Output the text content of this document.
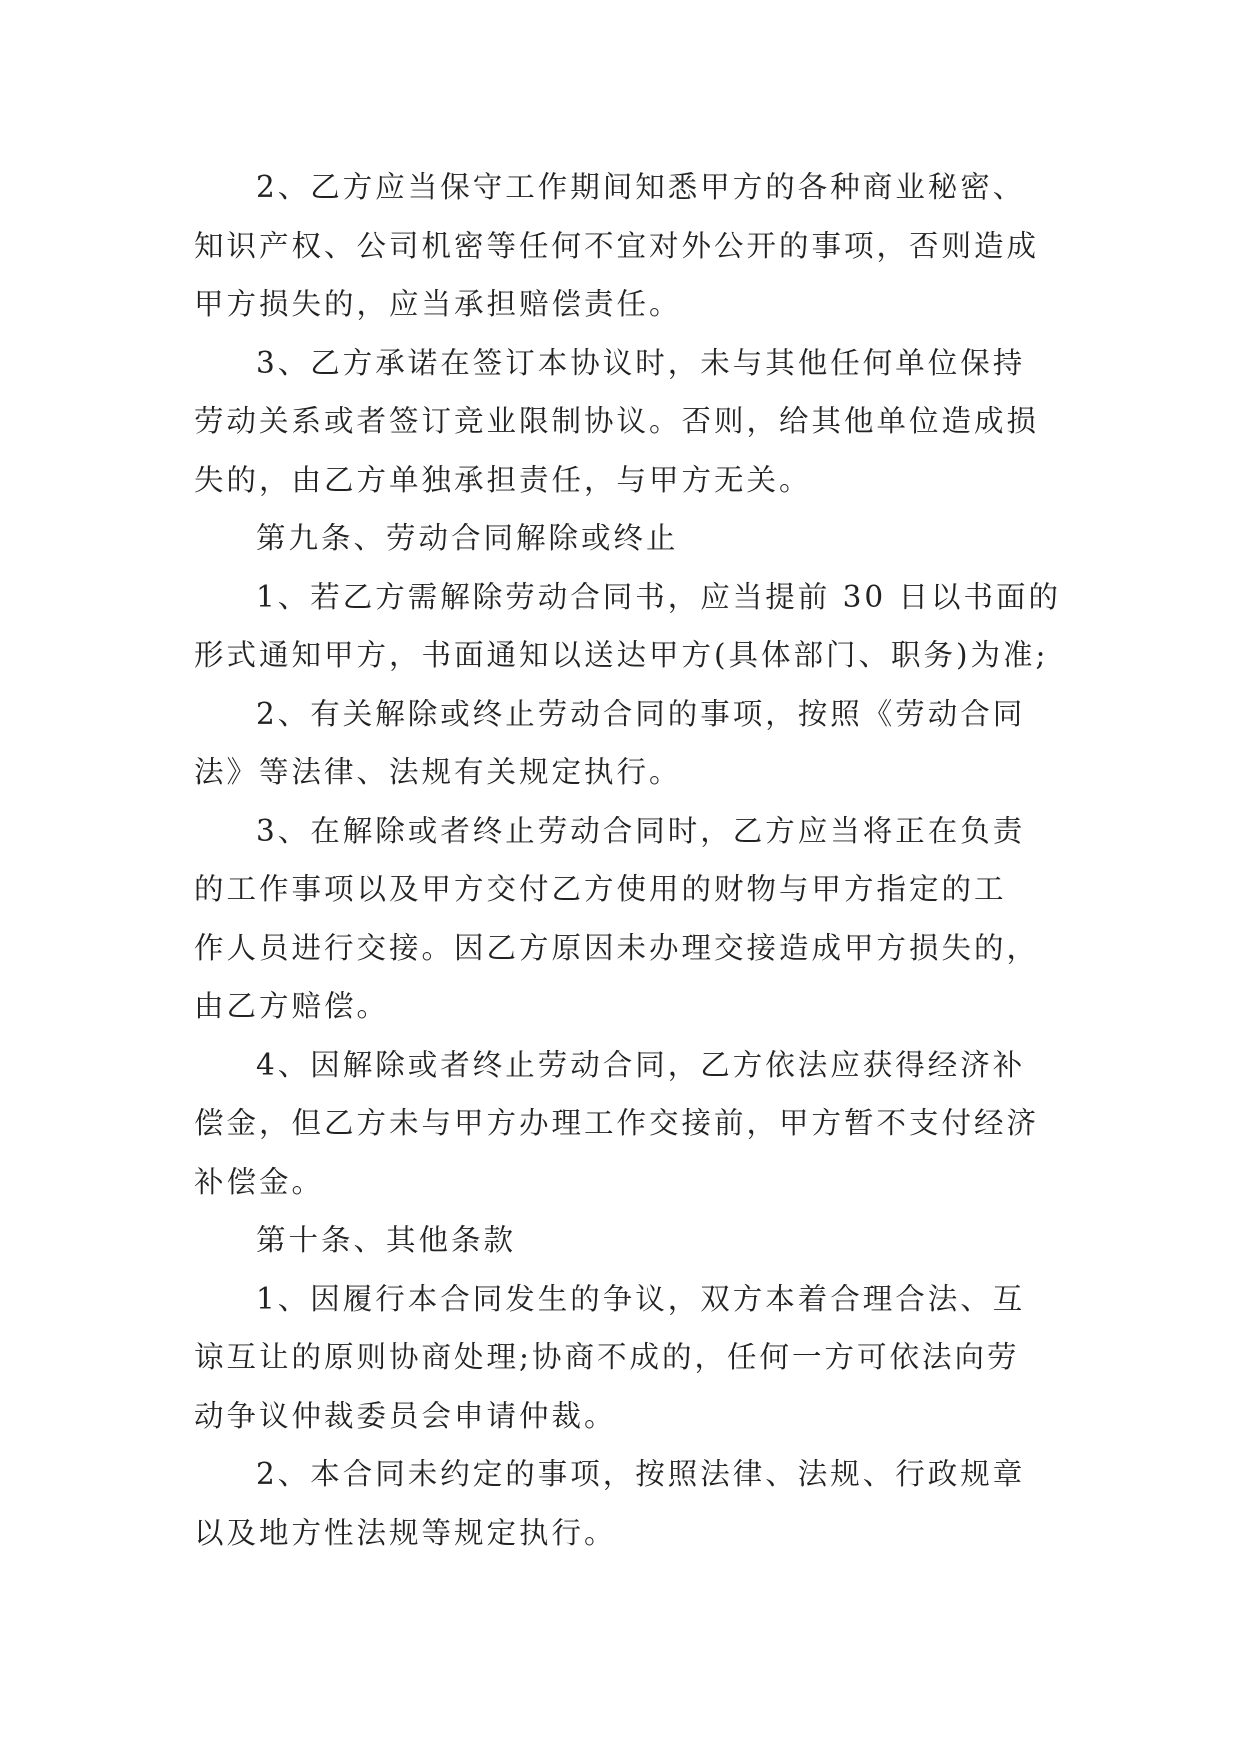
2、乙方应当保守工作期间知悉甲方的各种商业秘密、
知识产权、公司机密等任何不宜对外公开的事项，否则造成
甲方损失的，应当承担赔偿责任。
3、乙方承诺在签订本协议时，未与其他任何单位保持
劳动关系或者签订竞业限制协议。否则，给其他单位造成损
失的，由乙方单独承担责任，与甲方无关。
第九条、劳动合同解除或终止
1、若乙方需解除劳动合同书，应当提前 30 日以书面的
形式通知甲方，书面通知以送达甲方(具体部门、职务)为准;
2、有关解除或终止劳动合同的事项，按照《劳动合同
法》等法律、法规有关规定执行。
3、在解除或者终止劳动合同时，乙方应当将正在负责
的工作事项以及甲方交付乙方使用的财物与甲方指定的工
作人员进行交接。因乙方原因未办理交接造成甲方损失的，
由乙方赔偿。
4、因解除或者终止劳动合同，乙方依法应获得经济补
偿金，但乙方未与甲方办理工作交接前，甲方暂不支付经济
补偿金。
第十条、其他条款
1、因履行本合同发生的争议，双方本着合理合法、互
谅互让的原则协商处理;协商不成的，任何一方可依法向劳
动争议仲裁委员会申请仲裁。
2、本合同未约定的事项，按照法律、法规、行政规章
以及地方性法规等规定执行。
